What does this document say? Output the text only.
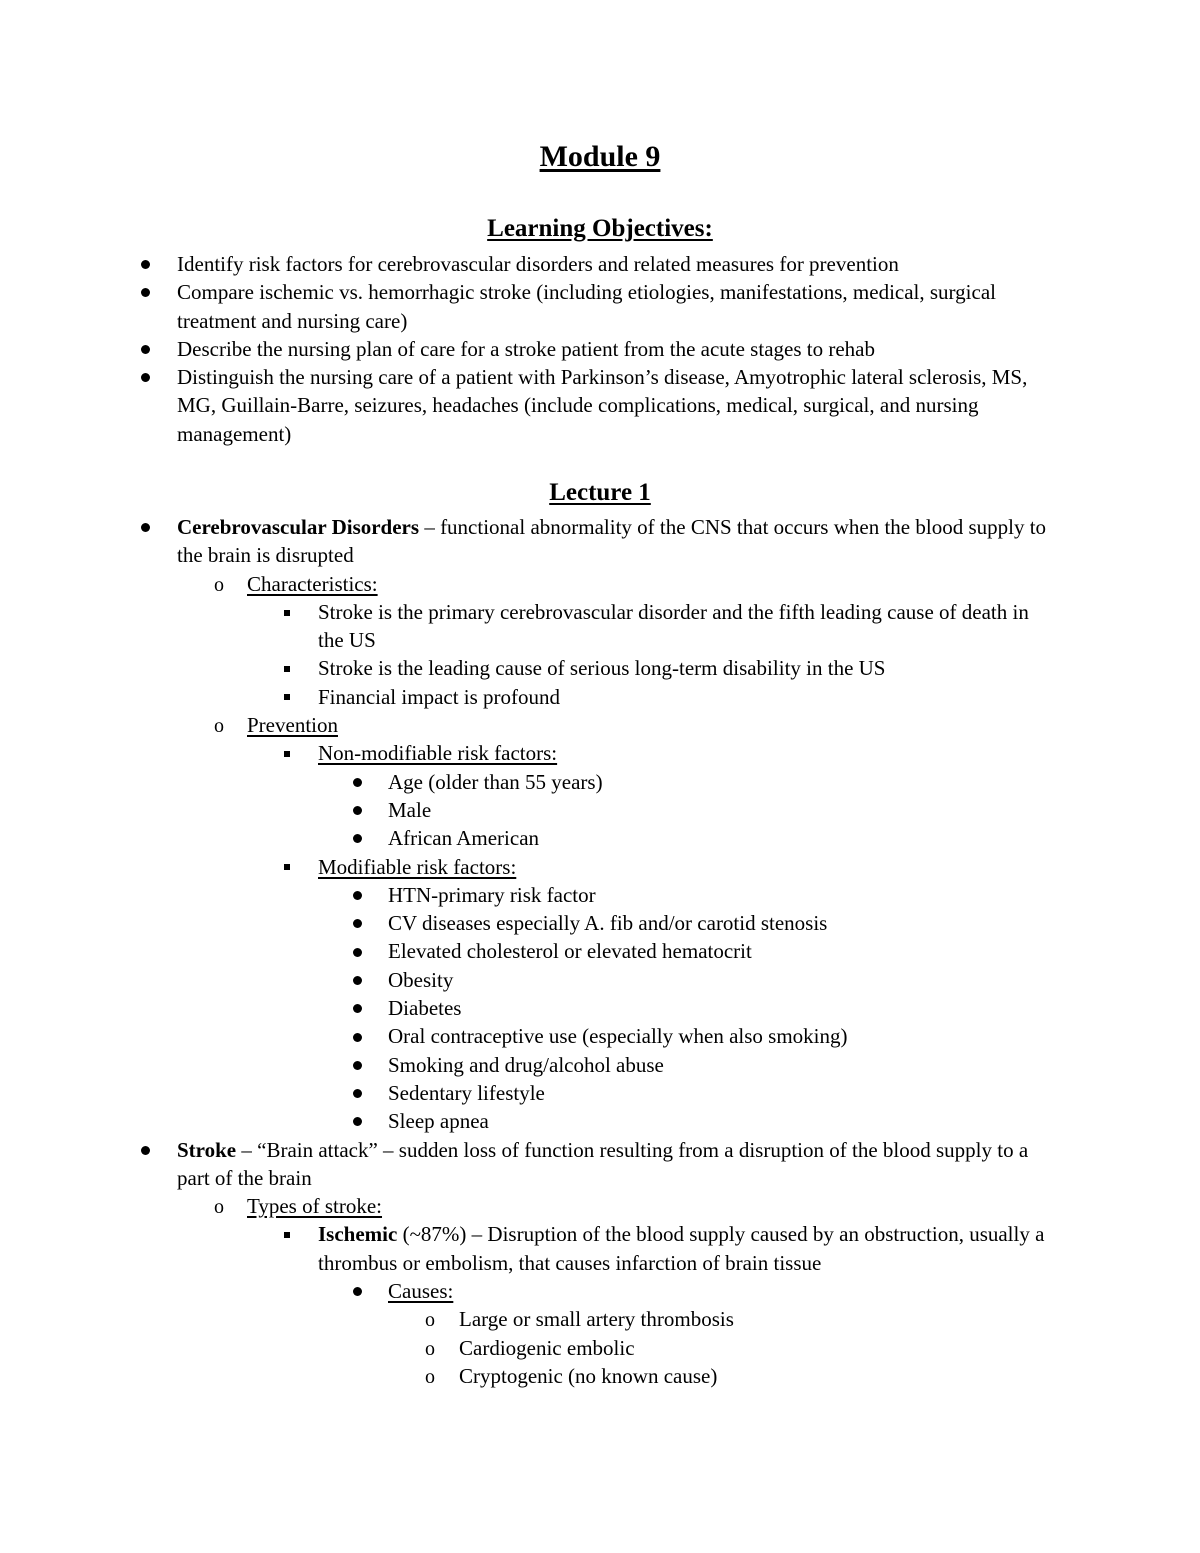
Module 9
Learning Objectives:
Identify risk factors for cerebrovascular disorders and related measures for prevention
Compare ischemic vs. hemorrhagic stroke (including etiologies, manifestations, medical, surgical treatment and nursing care)
Describe the nursing plan of care for a stroke patient from the acute stages to rehab
Distinguish the nursing care of a patient with Parkinson’s disease, Amyotrophic lateral sclerosis, MS, MG, Guillain-Barre, seizures, headaches (include complications, medical, surgical, and nursing management)
Lecture 1
Cerebrovascular Disorders – functional abnormality of the CNS that occurs when the blood supply to the brain is disrupted
o Characteristics:
Stroke is the primary cerebrovascular disorder and the fifth leading cause of death in the US
Stroke is the leading cause of serious long-term disability in the US
Financial impact is profound
o Prevention
Non-modifiable risk factors:
Age (older than 55 years)
Male
African American
Modifiable risk factors:
HTN-primary risk factor
CV diseases especially A. fib and/or carotid stenosis
Elevated cholesterol or elevated hematocrit
Obesity
Diabetes
Oral contraceptive use (especially when also smoking)
Smoking and drug/alcohol abuse
Sedentary lifestyle
Sleep apnea
Stroke – “Brain attack” – sudden loss of function resulting from a disruption of the blood supply to a part of the brain
o Types of stroke:
Ischemic (~87%) – Disruption of the blood supply caused by an obstruction, usually a thrombus or embolism, that causes infarction of brain tissue
Causes:
o Large or small artery thrombosis
o Cardiogenic embolic
o Cryptogenic (no known cause)
